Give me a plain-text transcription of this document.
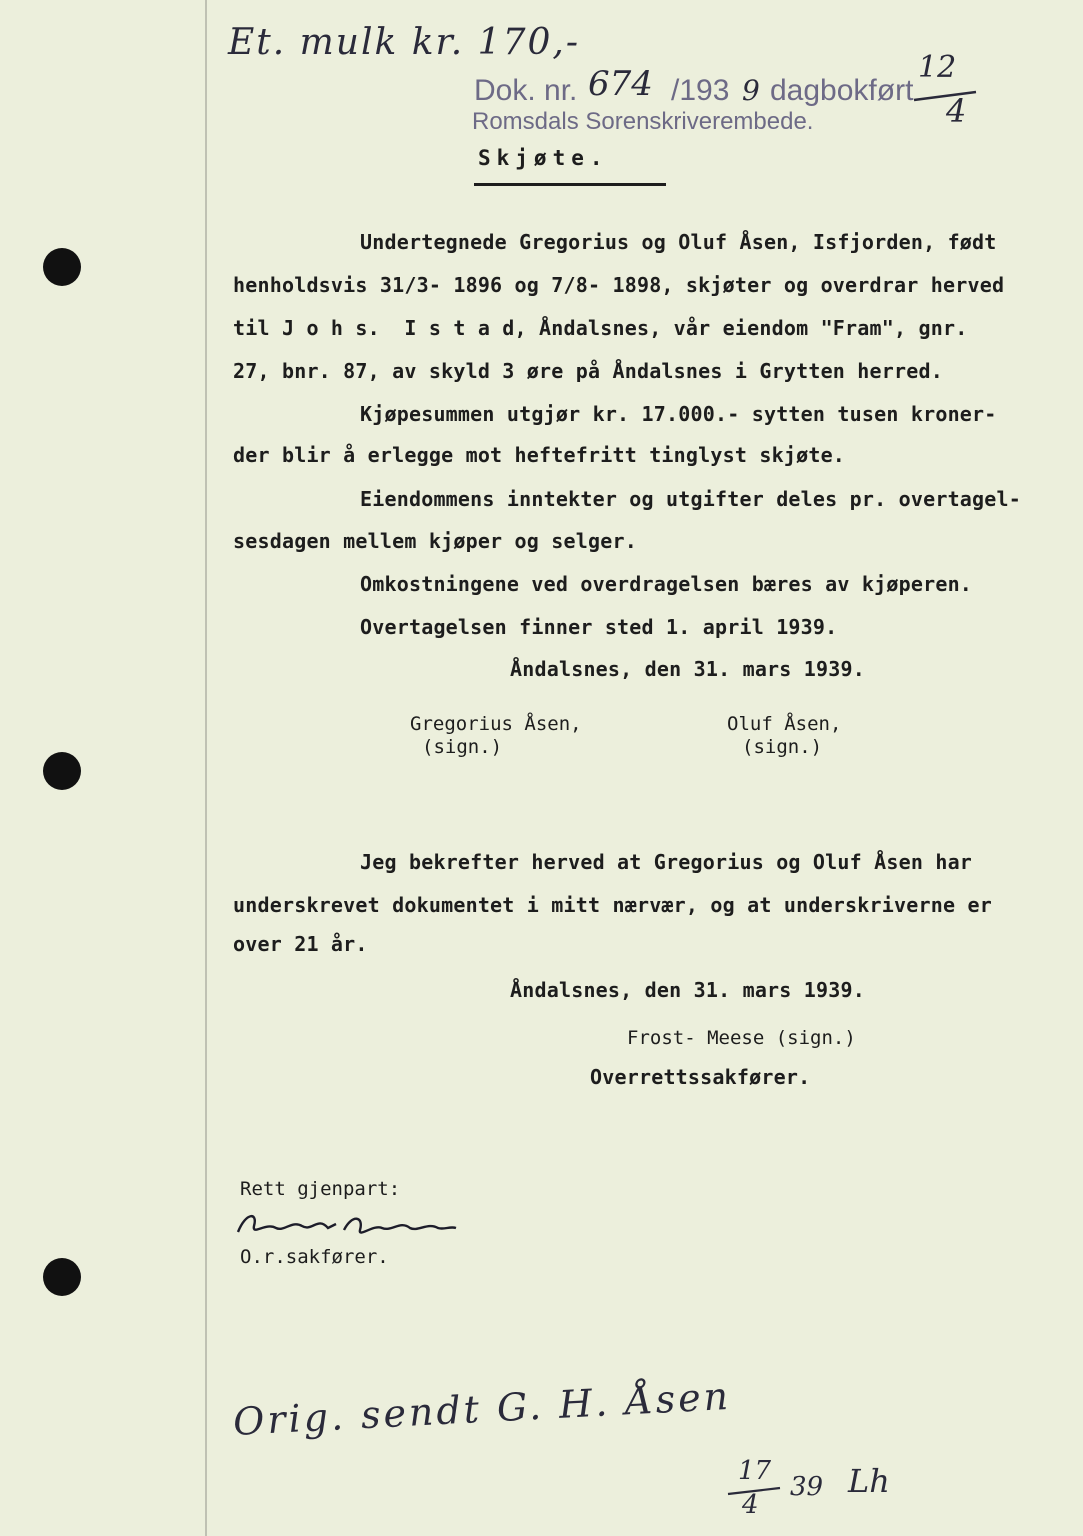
Et. mulk kr. 170,-
Dok. nr. 674 /193 9 dagbokført
12
4
Romsdals Sorenskriverembede.
Skjøte.
Undertegnede Gregorius og Oluf Åsen, Isfjorden, født
henholdsvis 31/3- 1896 og 7/8- 1898, skjøter og overdrar herved
til J o h s.  I s t a d, Åndalsnes, vår eiendom "Fram", gnr.
27, bnr. 87, av skyld 3 øre på Åndalsnes i Grytten herred.
Kjøpesummen utgjør kr. 17.000.- sytten tusen kroner-
der blir å erlegge mot heftefritt tinglyst skjøte.
Eiendommens inntekter og utgifter deles pr. overtagel-
sesdagen mellem kjøper og selger.
Omkostningene ved overdragelsen bæres av kjøperen.
Overtagelsen finner sted 1. april 1939.
Åndalsnes, den 31. mars 1939.
Gregorius Åsen,
(sign.)
Oluf Åsen,
(sign.)
Jeg bekrefter herved at Gregorius og Oluf Åsen har
underskrevet dokumentet i mitt nærvær, og at underskriverne er
over 21 år.
Åndalsnes, den 31. mars 1939.
Frost- Meese (sign.)
Overrettssakfører.
Rett gjenpart:
O.r.sakfører.
Orig. sendt G. H. Åsen
17
4
39 Lh
